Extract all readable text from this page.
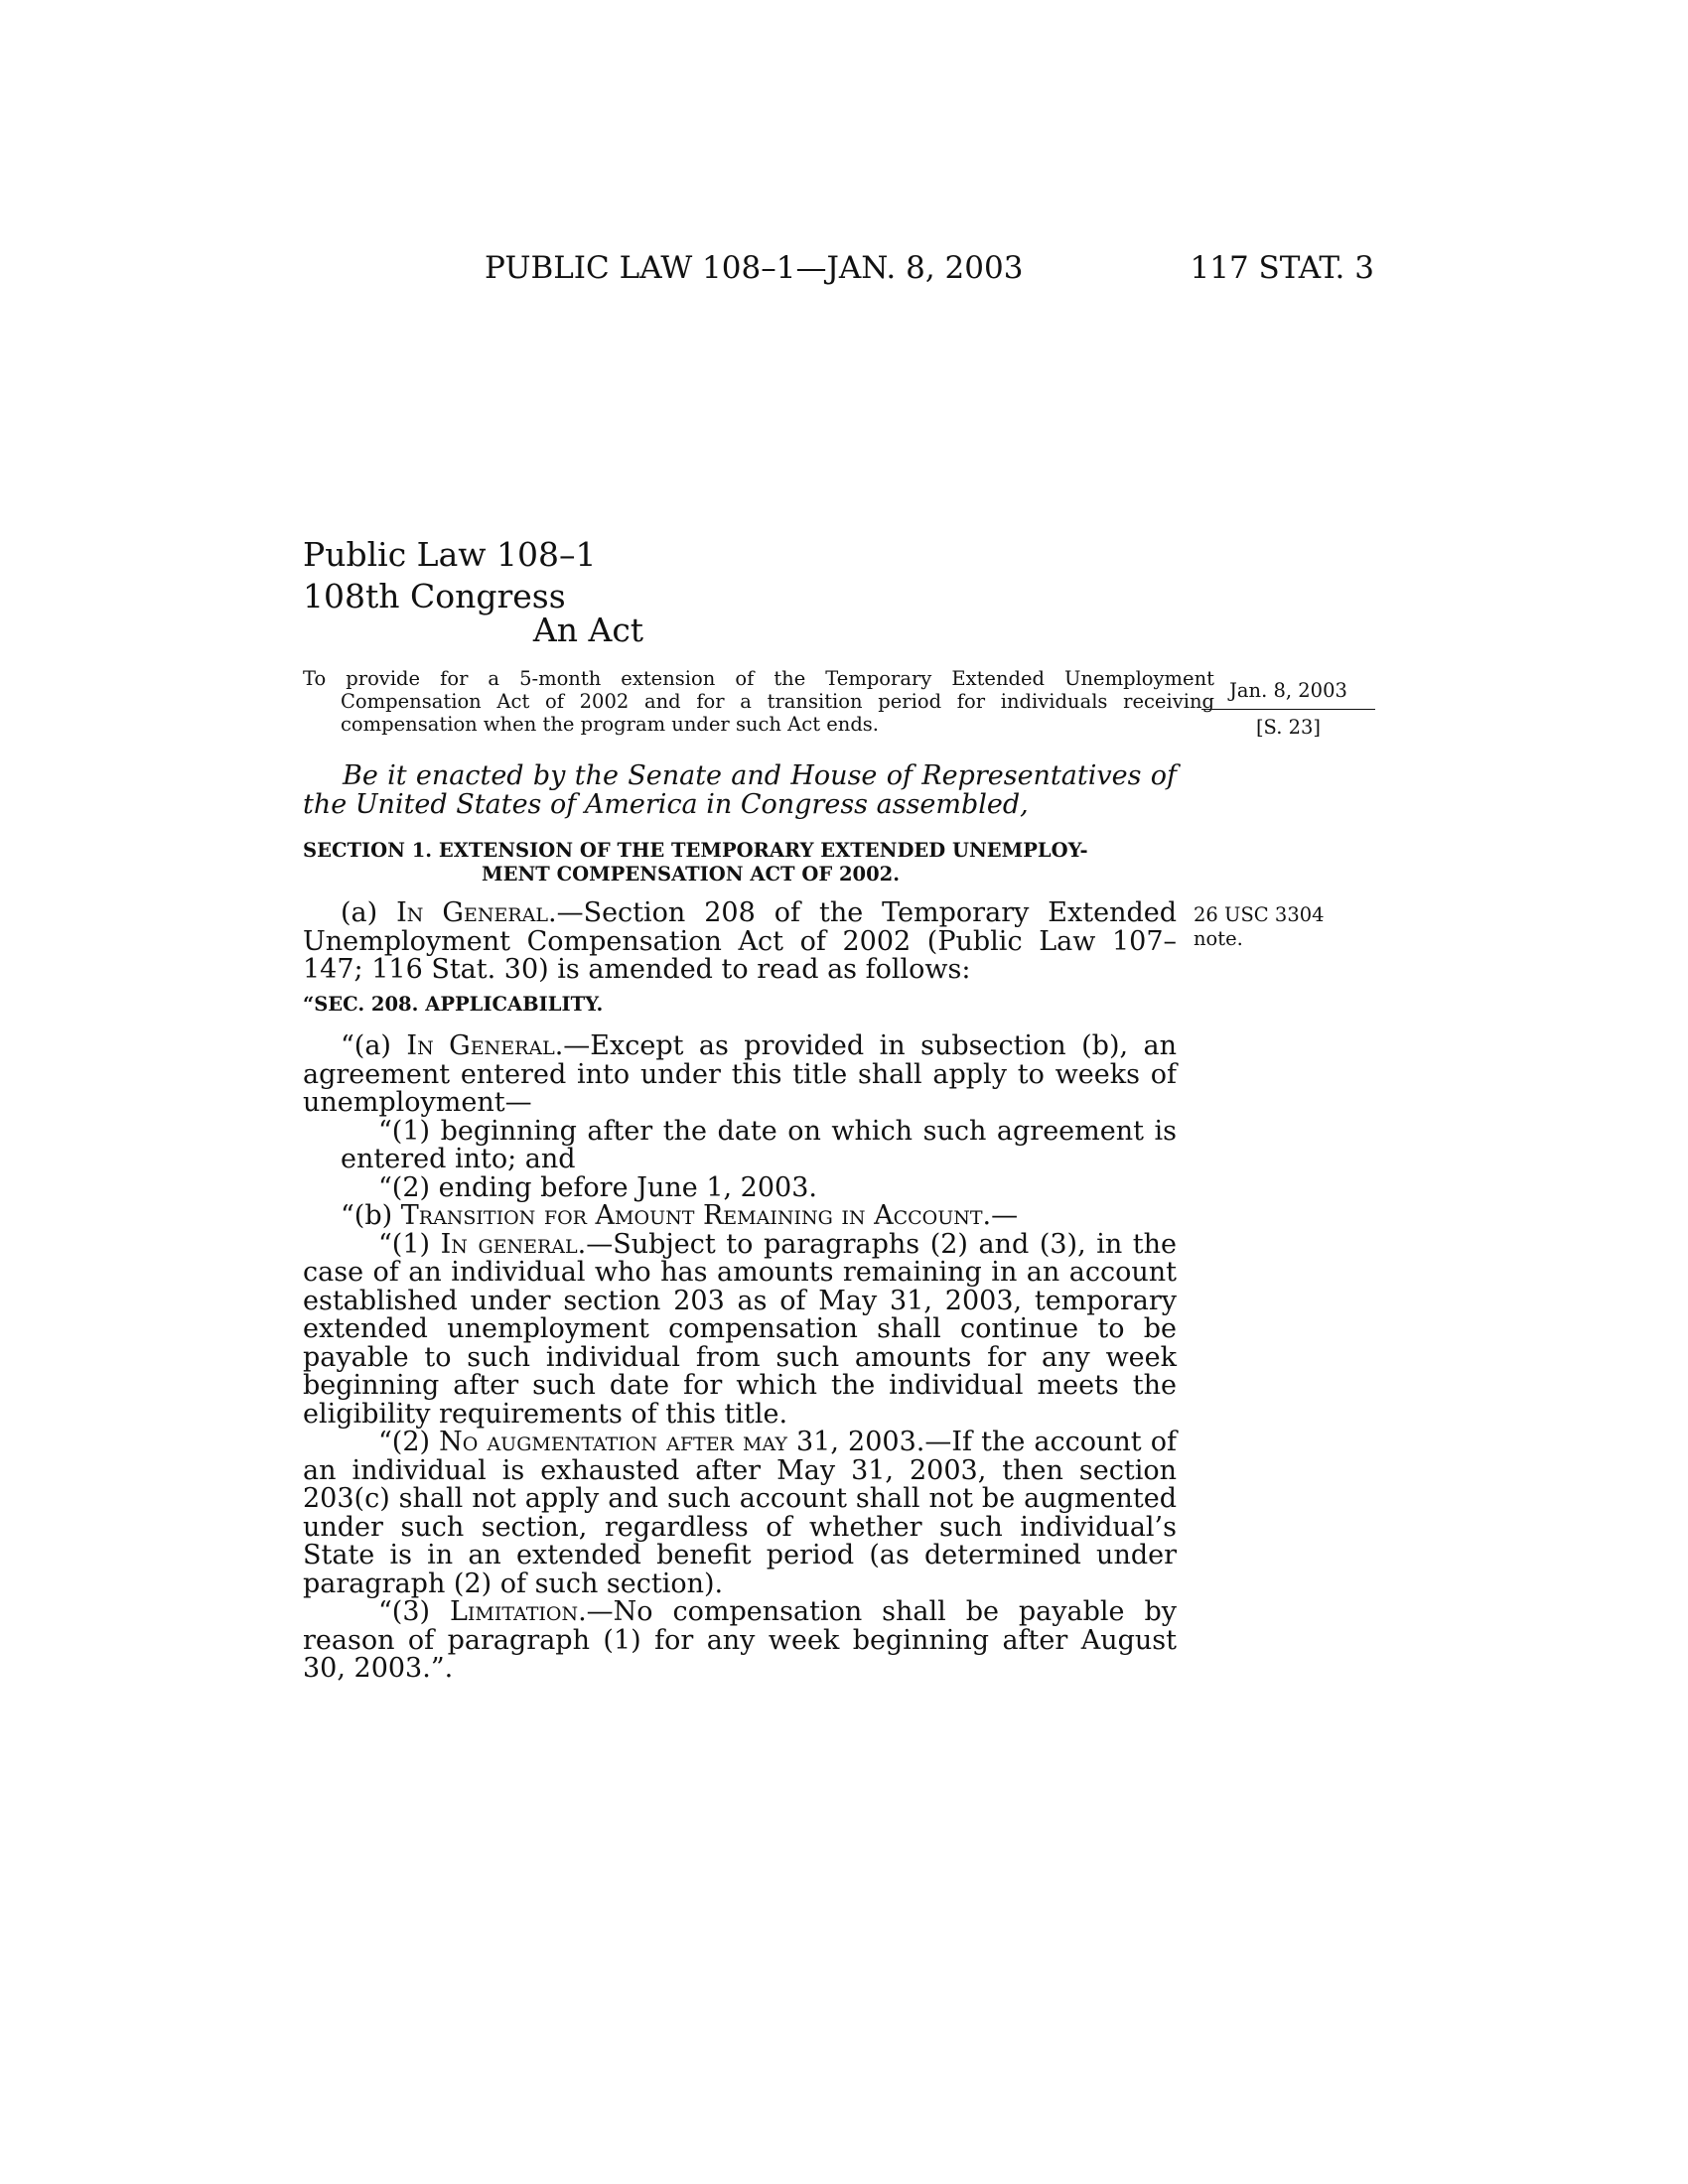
PUBLIC LAW 108–1—JAN. 8, 2003	117 STAT. 3
Public Law 108–1
108th Congress
An Act
To provide for a 5-month extension of the Temporary Extended Unemployment Compensation Act of 2002 and for a transition period for individuals receiving compensation when the program under such Act ends.
Jan. 8, 2003
[S. 23]
26 USC 3304
note.
Be it enacted by the Senate and House of Representatives of the United States of America in Congress assembled,
SECTION 1. EXTENSION OF THE TEMPORARY EXTENDED UNEMPLOY-
MENT COMPENSATION ACT OF 2002.
(a) In General.—Section 208 of the Temporary Extended Unemployment Compensation Act of 2002 (Public Law 107–147; 116 Stat. 30) is amended to read as follows:
“SEC. 208. APPLICABILITY.

“(a) In General.—Except as provided in subsection (b), an agreement entered into under this title shall apply to weeks of unemployment—

“(1) beginning after the date on which such agreement is entered into; and

“(2) ending before June 1, 2003.

“(b) Transition for Amount Remaining in Account.—

“(1) In general.—Subject to paragraphs (2) and (3), in the case of an individual who has amounts remaining in an account established under section 203 as of May 31, 2003, temporary extended unemployment compensation shall continue to be payable to such individual from such amounts for any week beginning after such date for which the individual meets the eligibility requirements of this title.

“(2) No augmentation after may 31, 2003.—If the account of an individual is exhausted after May 31, 2003, then section 203(c) shall not apply and such account shall not be augmented under such section, regardless of whether such individual’s State is in an extended benefit period (as determined under paragraph (2) of such section).

“(3) Limitation.—No compensation shall be payable by reason of paragraph (1) for any week beginning after August 30, 2003.”.
